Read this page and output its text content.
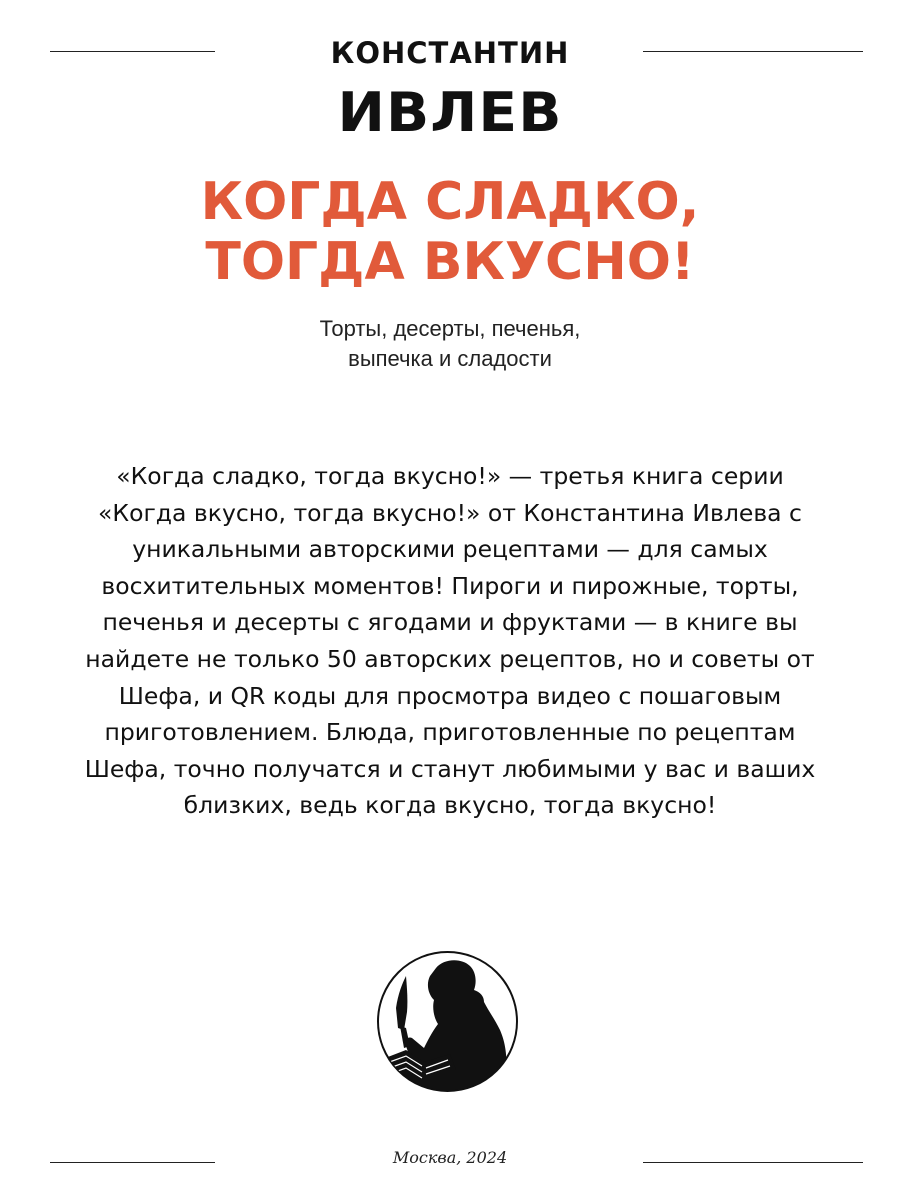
КОНСТАНТИН
ИВЛЕВ
КОГДА СЛАДКО,
ТОГДА ВКУСНО!
Торты, десерты, печенья,
выпечка и сладости
«Когда сладко, тогда вкусно!» — третья книга серии «Когда вкусно, тогда вкусно!» от Константина Ивлева с уникальными авторскими рецептами — для самых восхитительных моментов! Пироги и пирожные, торты, печенья и десерты с ягодами и фруктами — в книге вы найдете не только 50 авторских рецептов, но и советы от Шефа, и QR коды для просмотра видео с пошаговым приготовлением. Блюда, приготовленные по рецептам Шефа, точно получатся и станут любимыми у вас и ваших близких, ведь когда вкусно, тогда вкусно!
Москва, 2024
